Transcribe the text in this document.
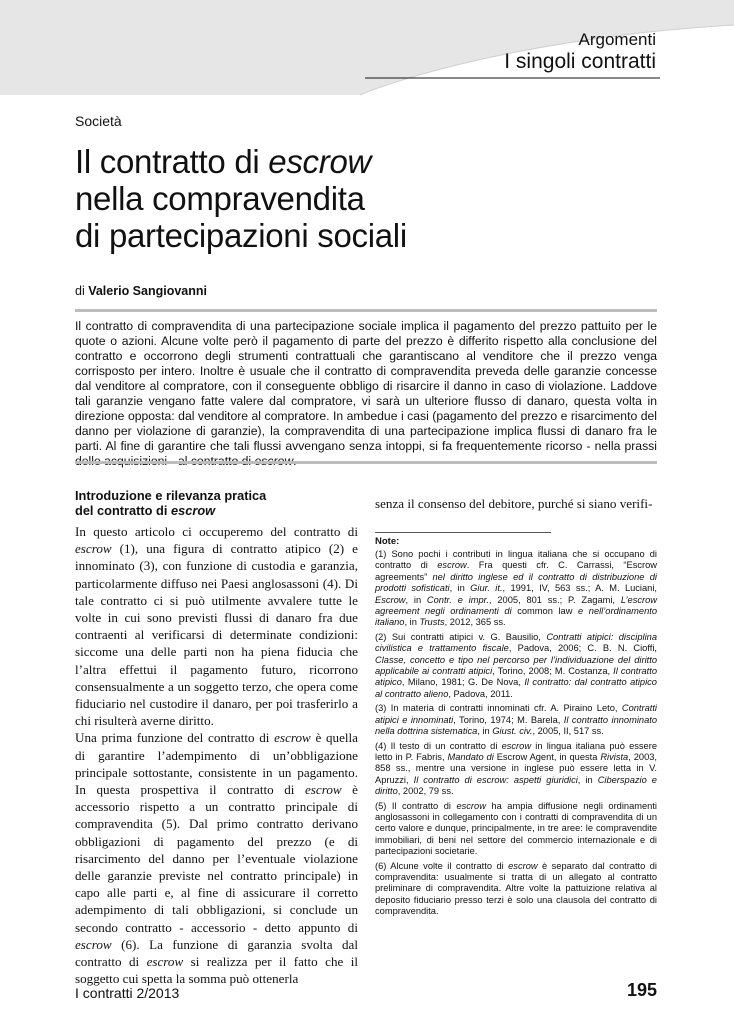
Argomenti
I singoli contratti
Società
Il contratto di escrow
nella compravendita
di partecipazioni sociali
di Valerio Sangiovanni

Il contratto di compravendita di una partecipazione sociale implica il pagamento del prezzo pattuito per le quote o azioni. Alcune volte però il pagamento di parte del prezzo è differito rispetto alla conclusione del contratto e occorrono degli strumenti contrattuali che garantiscano al venditore che il prezzo venga corrisposto per intero. Inoltre è usuale che il contratto di compravendita preveda delle garanzie concesse dal venditore al compratore, con il conseguente obbligo di risarcire il danno in caso di violazione. Laddove tali garanzie vengano fatte valere dal compratore, vi sarà un ulteriore flusso di danaro, questa volta in direzione opposta: dal venditore al compratore. In ambedue i casi (pagamento del prezzo e risarcimento del danno per violazione di garanzie), la compravendita di una partecipazione implica flussi di danaro fra le parti. Al fine di garantire che tali flussi avvengano senza intoppi, si fa frequentemente ricorso - nella prassi

Introduzione e rilevanza pratica
del contratto di escrow

In questo articolo ci occuperemo del contratto di escrow (1), una figura di contratto atipico (2) e innominato (3), con funzione di custodia e garanzia, particolarmente diffuso nei Paesi anglosassoni (4). Di tale contratto ci si può utilmente avvalere tutte le volte in cui sono previsti flussi di danaro fra due contraenti al verificarsi di determinate condizioni: siccome una delle parti non ha piena fiducia che l’altra effettui il pagamento futuro, ricorrono consensualmente a un soggetto terzo, che opera come fiduciario nel custodire il danaro, per poi trasferirlo a chi risulterà averne diritto.

Una prima funzione del contratto di escrow è quella di garantire l’adempimento di un’obbligazione principale sottostante, consistente in un pagamento. In questa prospettiva il contratto di escrow è accessorio rispetto a un contratto principale di compravendita (5). Dal primo contratto derivano obbligazioni di pagamento del prezzo (e di risarcimento del danno per l’eventuale violazione delle garanzie previste nel contratto principale) in capo alle parti e, al fine di assicurare il corretto adempimento di tali obbligazioni, si conclude un secondo contratto - accessorio - detto appunto di escrow (6). La funzione di garanzia svolta dal contratto di escrow si realizza per il fatto che il soggetto cui spetta la somma può ottenerla

senza il consenso del debitore, purché si siano verifi-
Note:

(1) Sono pochi i contributi in lingua italiana che si occupano di contratto di escrow. Fra questi cfr. C. Carrassi, “Escrow agreements” nel diritto inglese ed il contratto di distribuzione di prodotti sofisticati, in Giur. it., 1991, IV, 563 ss.; A. M. Luciani, Escrow, in Contr. e impr., 2005, 801 ss.; P. Zagami, L’escrow agreement negli ordinamenti di common law e nell’ordinamento italiano, in Trusts, 2012, 365 ss.

(2) Sui contratti atipici v. G. Bausilio, Contratti atipici: disciplina civilistica e trattamento fiscale, Padova, 2006; C. B. N. Cioffi, Classe, concetto e tipo nel percorso per l’individuazione del diritto applicabile ai contratti atipici, Torino, 2008; M. Costanza, Il contratto atipico, Milano, 1981; G. De Nova, Il contratto: dal contratto atipico al contratto alieno, Padova, 2011.

(3) In materia di contratti innominati cfr. A. Piraino Leto, Contratti atipici e innominati, Torino, 1974; M. Barela, Il contratto innominato nella dottrina sistematica, in Giust. civ., 2005, II, 517 ss.

(4) Il testo di un contratto di escrow in lingua italiana può essere letto in P. Fabris, Mandato di Escrow Agent, in questa Rivista, 2003, 858 ss., mentre una versione in inglese può essere letta in V. Apruzzi, Il contratto di escrow: aspetti giuridici, in Ciberspazio e diritto, 2002, 79 ss.

(5) Il contratto di escrow ha ampia diffusione negli ordinamenti anglosassoni in collegamento con i contratti di compravendita di un certo valore e dunque, principalmente, in tre aree: le compravendite immobiliari, di beni nel settore del commercio internazionale e di partecipazioni societarie.

(6) Alcune volte il contratto di escrow è separato dal contratto di compravendita: usualmente si tratta di un allegato al contratto preliminare di compravendita. Altre volte la pattuizione relativa al deposito fiduciario presso terzi è solo una clausola del contratto di compravendita.

I contratti 2/2013	195
